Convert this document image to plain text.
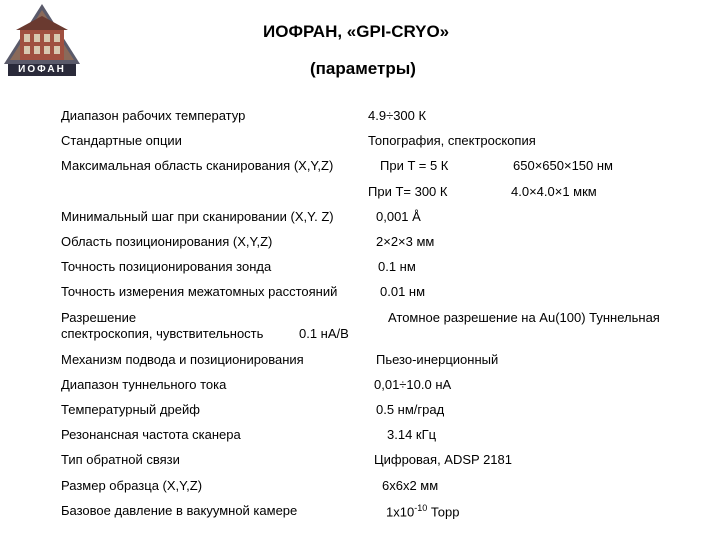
ИОФАН
ИОФРАН, «GPI-CRYO»
(параметры)
Диапазон рабочих температур	4.9÷300 К
Стандартные опции	Топография, спектроскопия
Максимальная область сканирования (X,Y,Z)	При T = 5 К	650×650×150 нм
При T= 300 К	4.0×4.0×1 мкм
Минимальный шаг при сканировании (X,Y. Z)	0,001 Å
Область позиционирования (X,Y,Z)	2×2×3 мм
Точность позиционирования зонда	0.1 нм
Точность измерения межатомных расстояний	0.01 нм
Разрешение	Атомное разрешение на Au(100) Туннельная
спектроскопия, чувствительность	0.1 нА/В
Механизм подвода и позиционирования	Пьезо-инерционный
Диапазон туннельного тока	0,01÷10.0 нА
Температурный дрейф	0.5 нм/град
Резонансная частота сканера	3.14 кГц
Тип обратной связи	Цифровая, ADSP 2181
Размер образца (X,Y,Z)	6х6х2 мм
Базовое давление в вакуумной камере	$1х10^{-10}$ Торр
